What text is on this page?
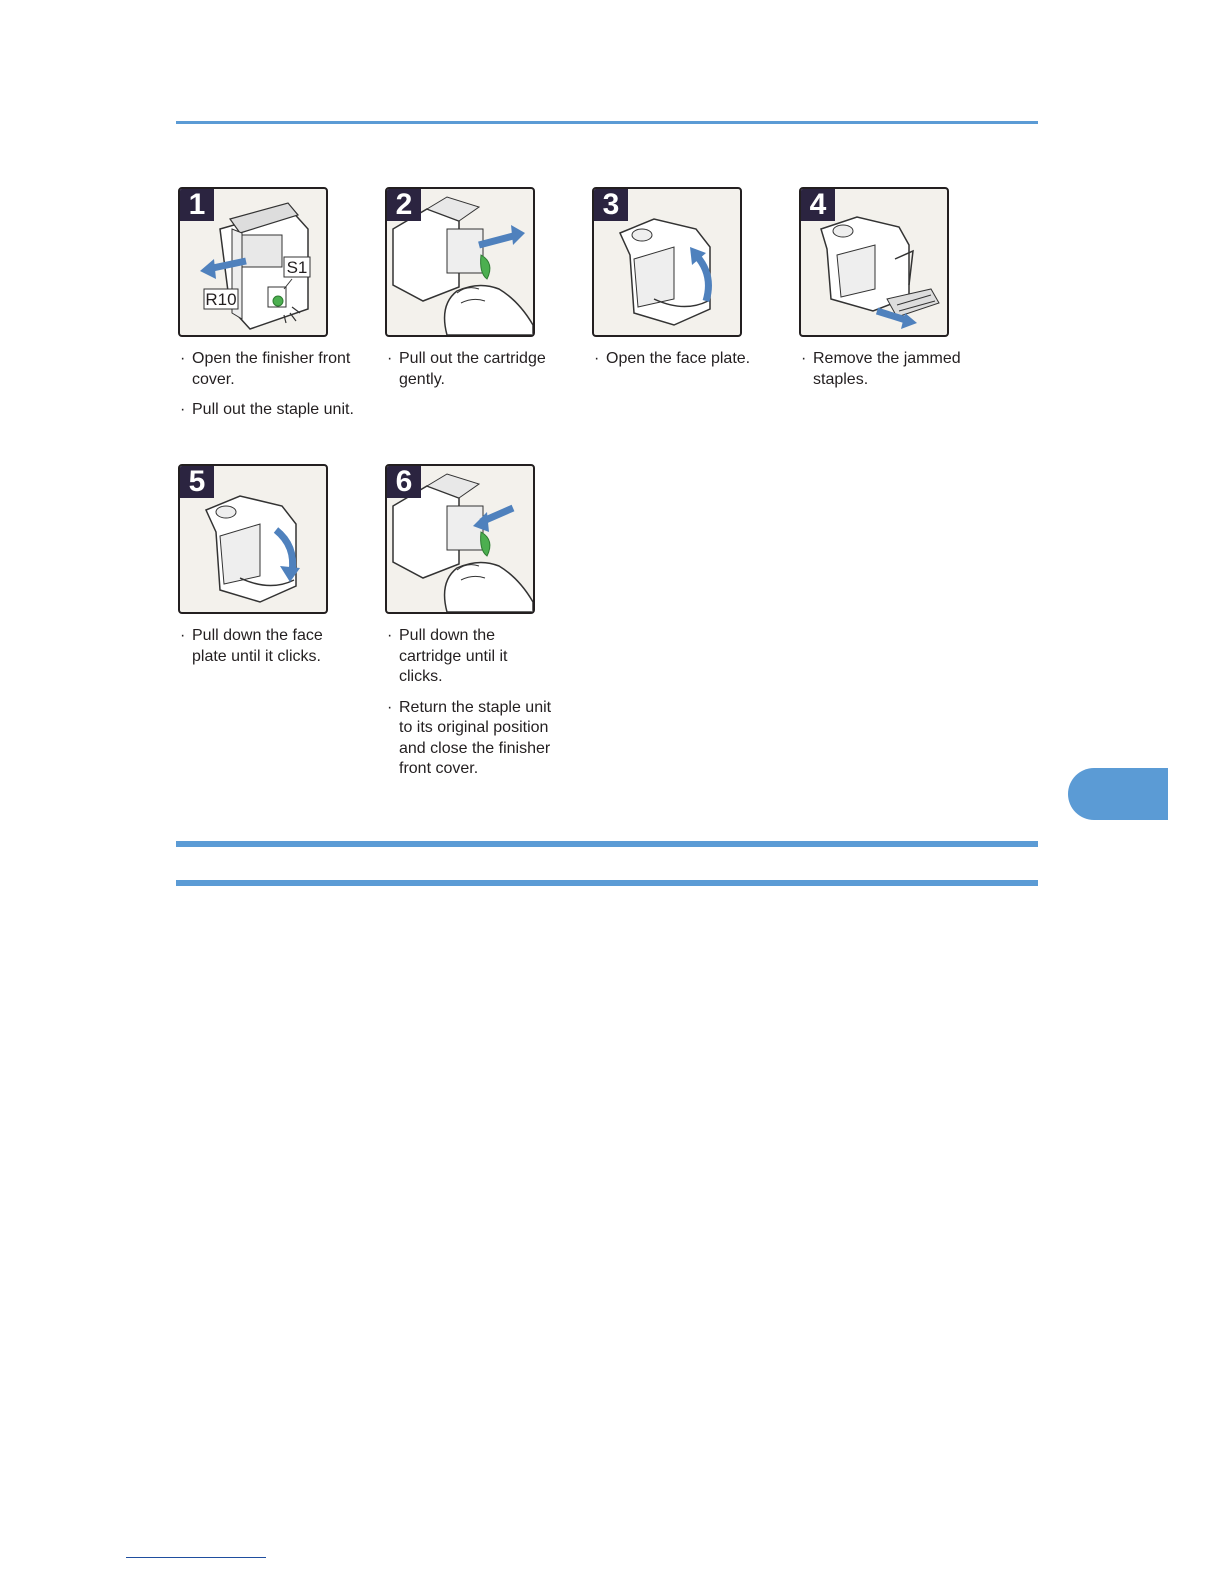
R10
S1
1
· Open the finisher front cover.
· Pull out the staple unit.
2
· Pull out the cartridge gently.
3
· Open the face plate.
4
· Remove the jammed staples.
5
· Pull down the face plate until it clicks.
6
· Pull down the cartridge until it clicks.
· Return the staple unit to its original position and close the finisher front cover.
